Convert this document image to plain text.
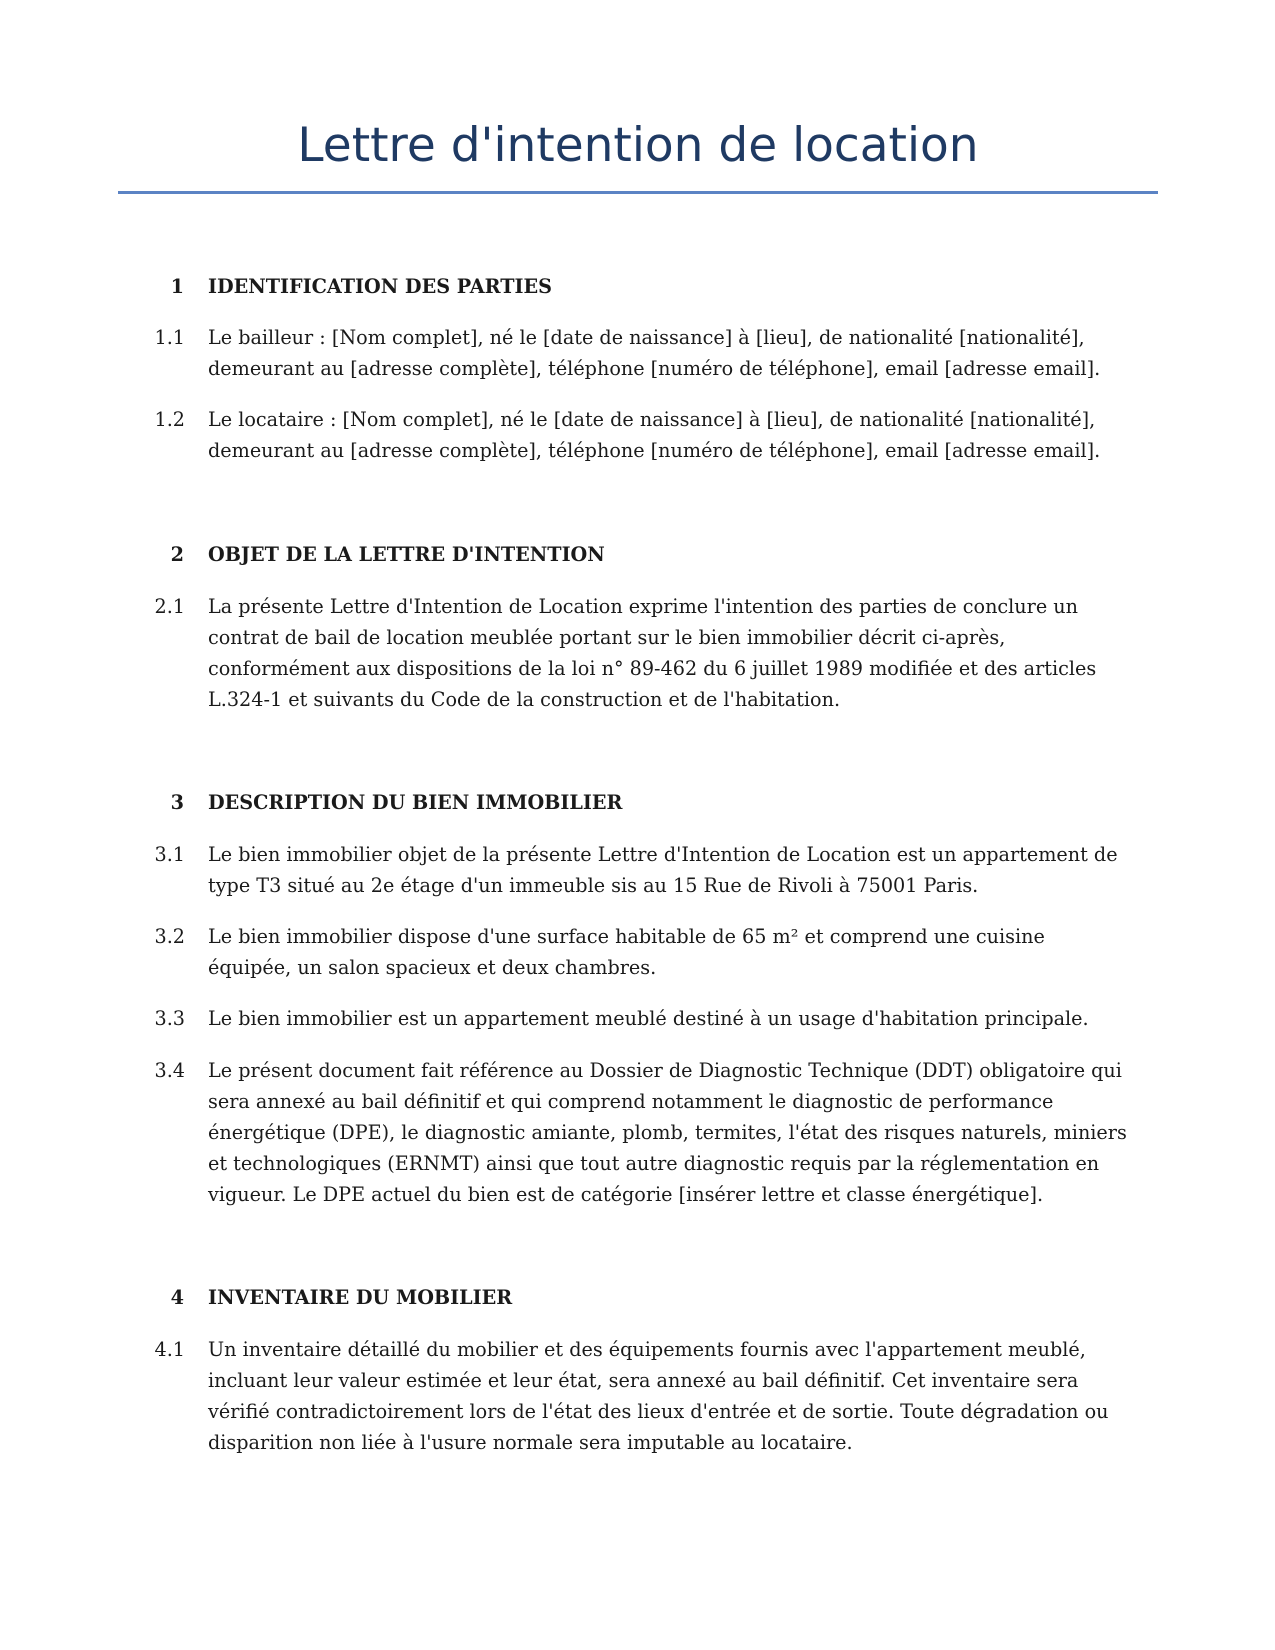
Lettre d'intention de location
1 IDENTIFICATION DES PARTIES
1.1 Le bailleur : [Nom complet], né le [date de naissance] à [lieu], de nationalité [nationalité], demeurant au [adresse complète], téléphone [numéro de téléphone], email [adresse email].
1.2 Le locataire : [Nom complet], né le [date de naissance] à [lieu], de nationalité [nationalité], demeurant au [adresse complète], téléphone [numéro de téléphone], email [adresse email].
2 OBJET DE LA LETTRE D'INTENTION
2.1 La présente Lettre d'Intention de Location exprime l'intention des parties de conclure un contrat de bail de location meublée portant sur le bien immobilier décrit ci-après, conformément aux dispositions de la loi n° 89-462 du 6 juillet 1989 modifiée et des articles L.324-1 et suivants du Code de la construction et de l'habitation.
3 DESCRIPTION DU BIEN IMMOBILIER
3.1 Le bien immobilier objet de la présente Lettre d'Intention de Location est un appartement de type T3 situé au 2e étage d'un immeuble sis au 15 Rue de Rivoli à 75001 Paris.
3.2 Le bien immobilier dispose d'une surface habitable de 65 m² et comprend une cuisine équipée, un salon spacieux et deux chambres.
3.3 Le bien immobilier est un appartement meublé destiné à un usage d'habitation principale.
3.4 Le présent document fait référence au Dossier de Diagnostic Technique (DDT) obligatoire qui sera annexé au bail définitif et qui comprend notamment le diagnostic de performance énergétique (DPE), le diagnostic amiante, plomb, termites, l'état des risques naturels, miniers et technologiques (ERNMT) ainsi que tout autre diagnostic requis par la réglementation en vigueur. Le DPE actuel du bien est de catégorie [insérer lettre et classe énergétique].
4 INVENTAIRE DU MOBILIER
4.1 Un inventaire détaillé du mobilier et des équipements fournis avec l'appartement meublé, incluant leur valeur estimée et leur état, sera annexé au bail définitif. Cet inventaire sera vérifié contradictoirement lors de l'état des lieux d'entrée et de sortie. Toute dégradation ou disparition non liée à l'usure normale sera imputable au locataire.
